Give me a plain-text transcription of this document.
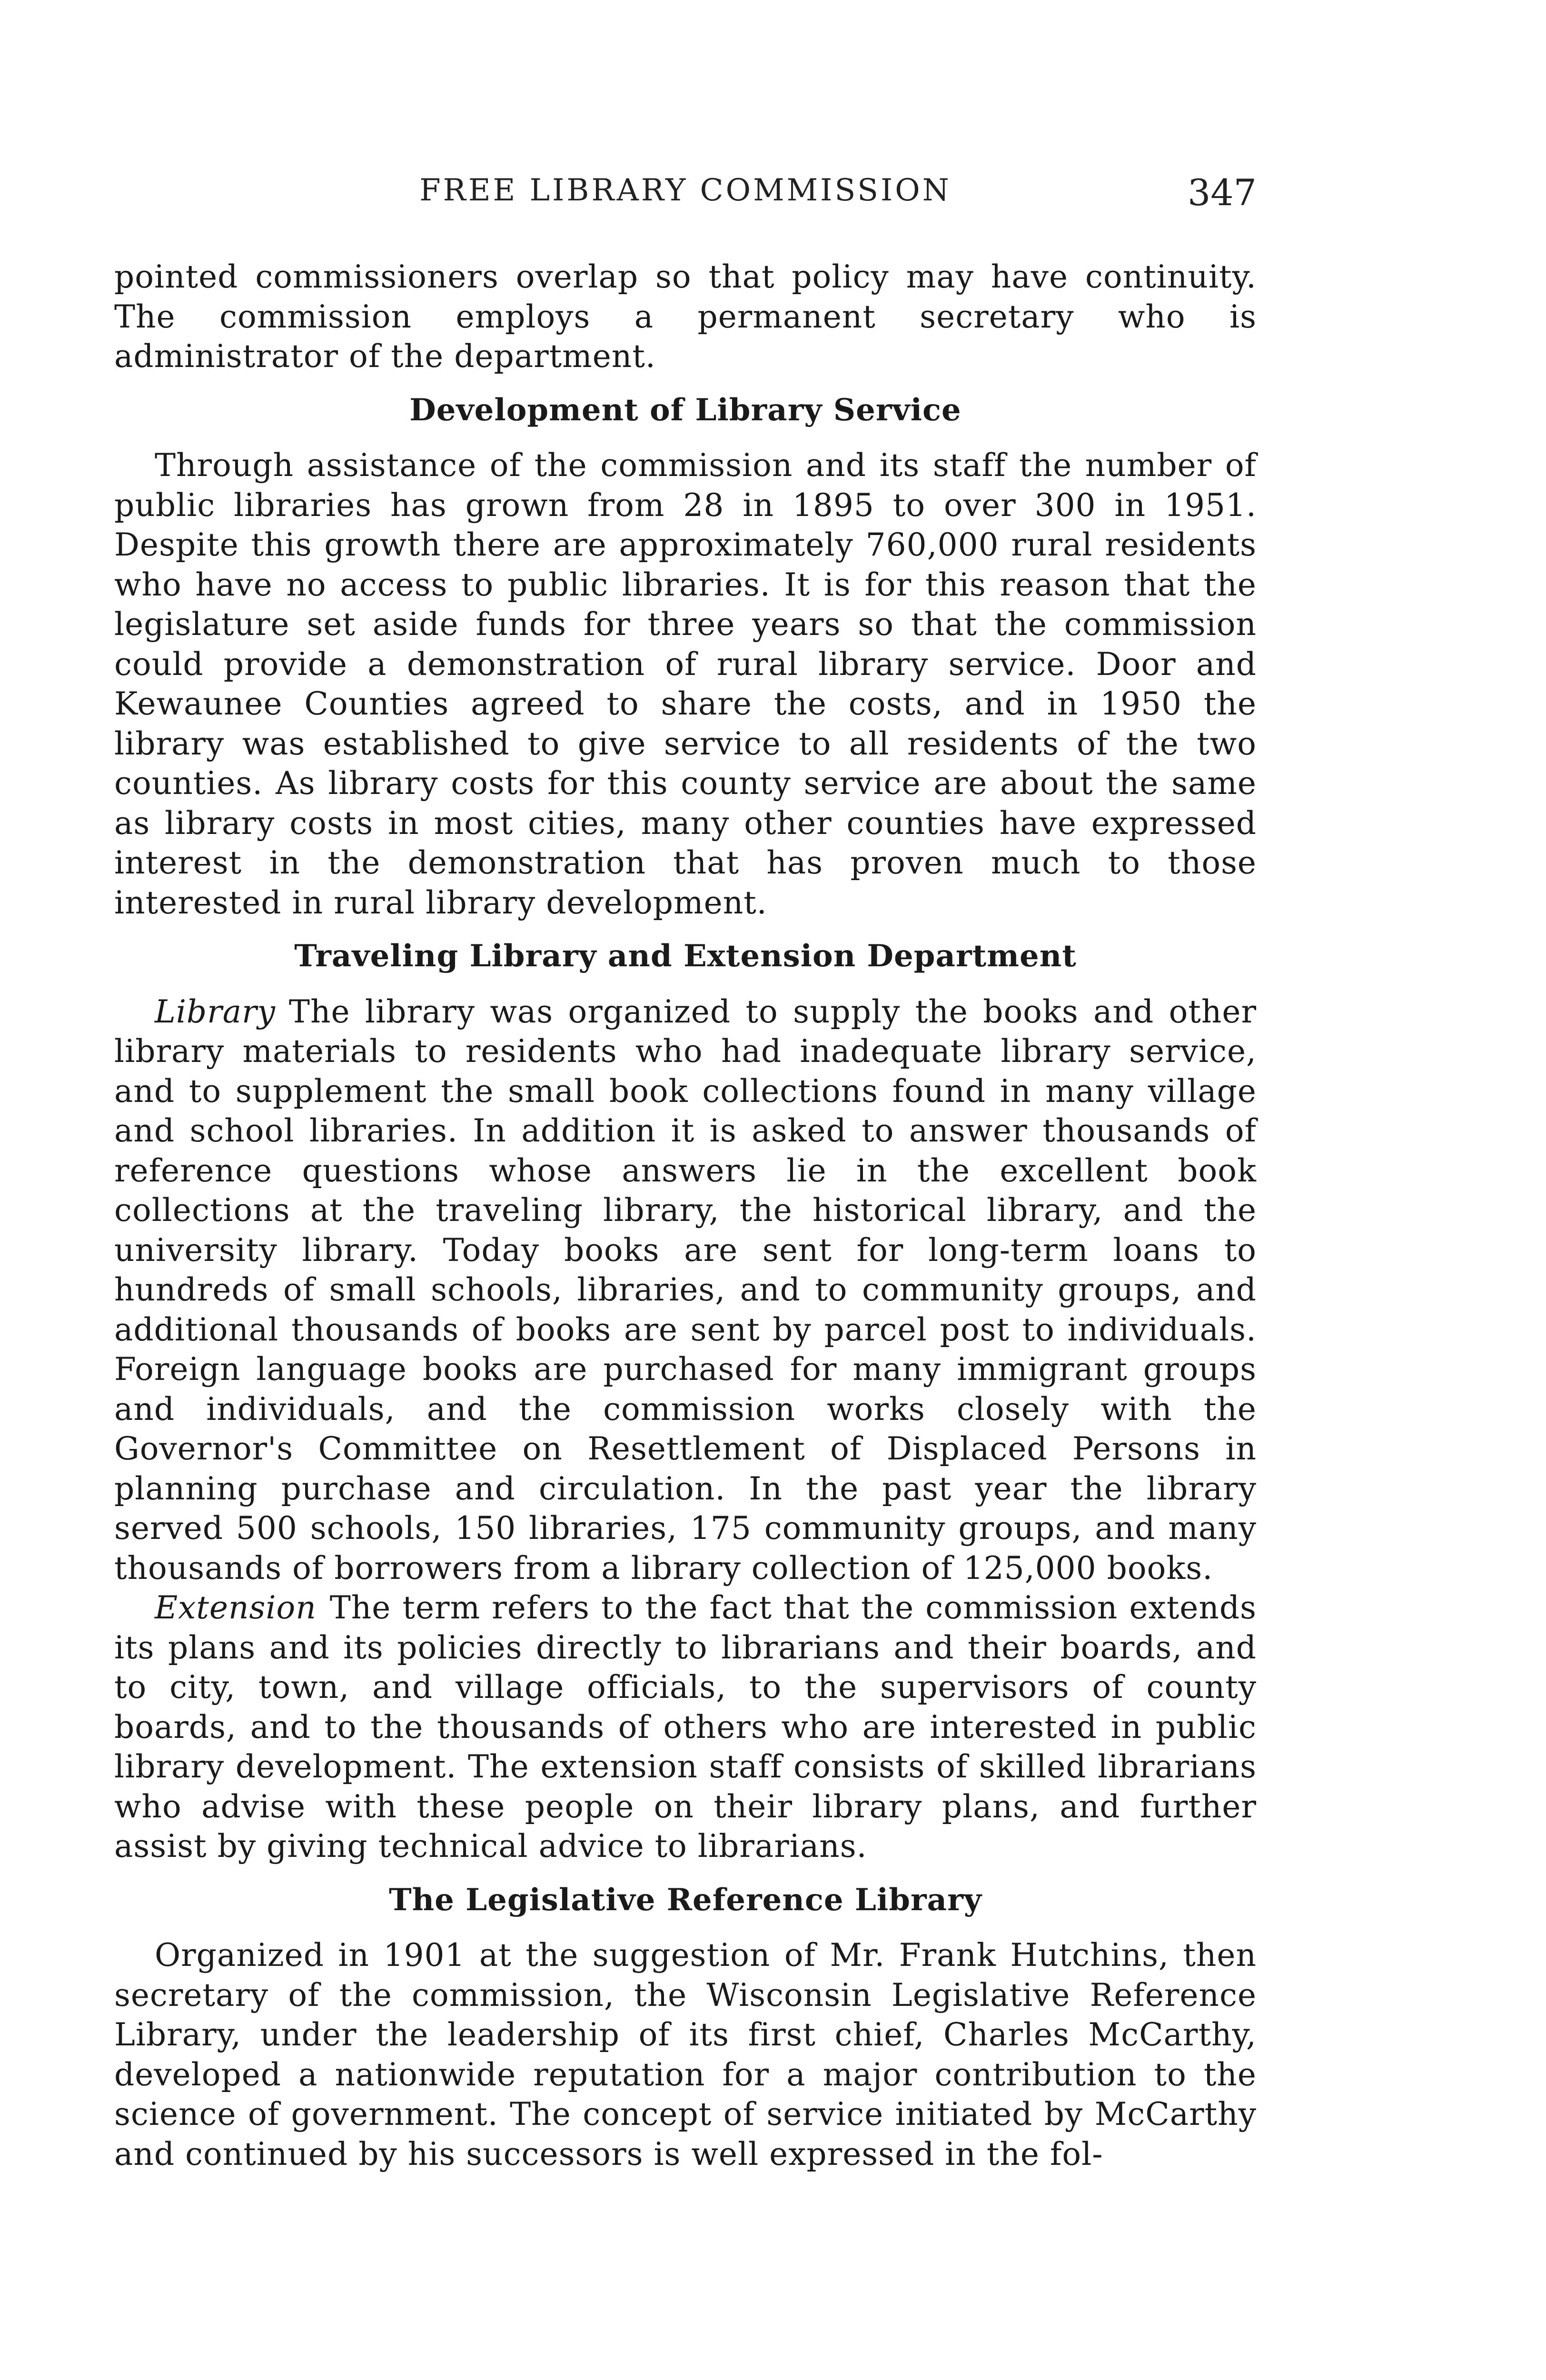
FREE LIBRARY COMMISSION	347

pointed commissioners overlap so that policy may have continuity. The commission employs a permanent secretary who is administrator of the department.

Development of Library Service

Through assistance of the commission and its staff the number of public libraries has grown from 28 in 1895 to over 300 in 1951. Despite this growth there are approximately 760,000 rural residents who have no access to public libraries. It is for this reason that the legislature set aside funds for three years so that the commission could provide a demonstration of rural library service. Door and Kewaunee Counties agreed to share the costs, and in 1950 the library was established to give service to all residents of the two counties. As library costs for this county service are about the same as library costs in most cities, many other counties have expressed interest in the demonstration that has proven much to those interested in rural library development.

Traveling Library and Extension Department

Library The library was organized to supply the books and other library materials to residents who had inadequate library service, and to supplement the small book collections found in many village and school libraries. In addition it is asked to answer thousands of reference questions whose answers lie in the excellent book collections at the traveling library, the historical library, and the university library. Today books are sent for long-term loans to hundreds of small schools, libraries, and to community groups, and additional thousands of books are sent by parcel post to individuals. Foreign language books are purchased for many immigrant groups and individuals, and the commission works closely with the Governor's Committee on Resettlement of Displaced Persons in planning purchase and circulation. In the past year the library served 500 schools, 150 libraries, 175 community groups, and many thousands of borrowers from a library collection of 125,000 books.

Extension The term refers to the fact that the commission extends its plans and its policies directly to librarians and their boards, and to city, town, and village officials, to the supervisors of county boards, and to the thousands of others who are interested in public library development. The extension staff consists of skilled librarians who advise with these people on their library plans, and further assist by giving technical advice to librarians.

The Legislative Reference Library

Organized in 1901 at the suggestion of Mr. Frank Hutchins, then secretary of the commission, the Wisconsin Legislative Reference Library, under the leadership of its first chief, Charles McCarthy, developed a nationwide reputation for a major contribution to the science of government. The concept of service initiated by McCarthy and continued by his successors is well expressed in the fol-
